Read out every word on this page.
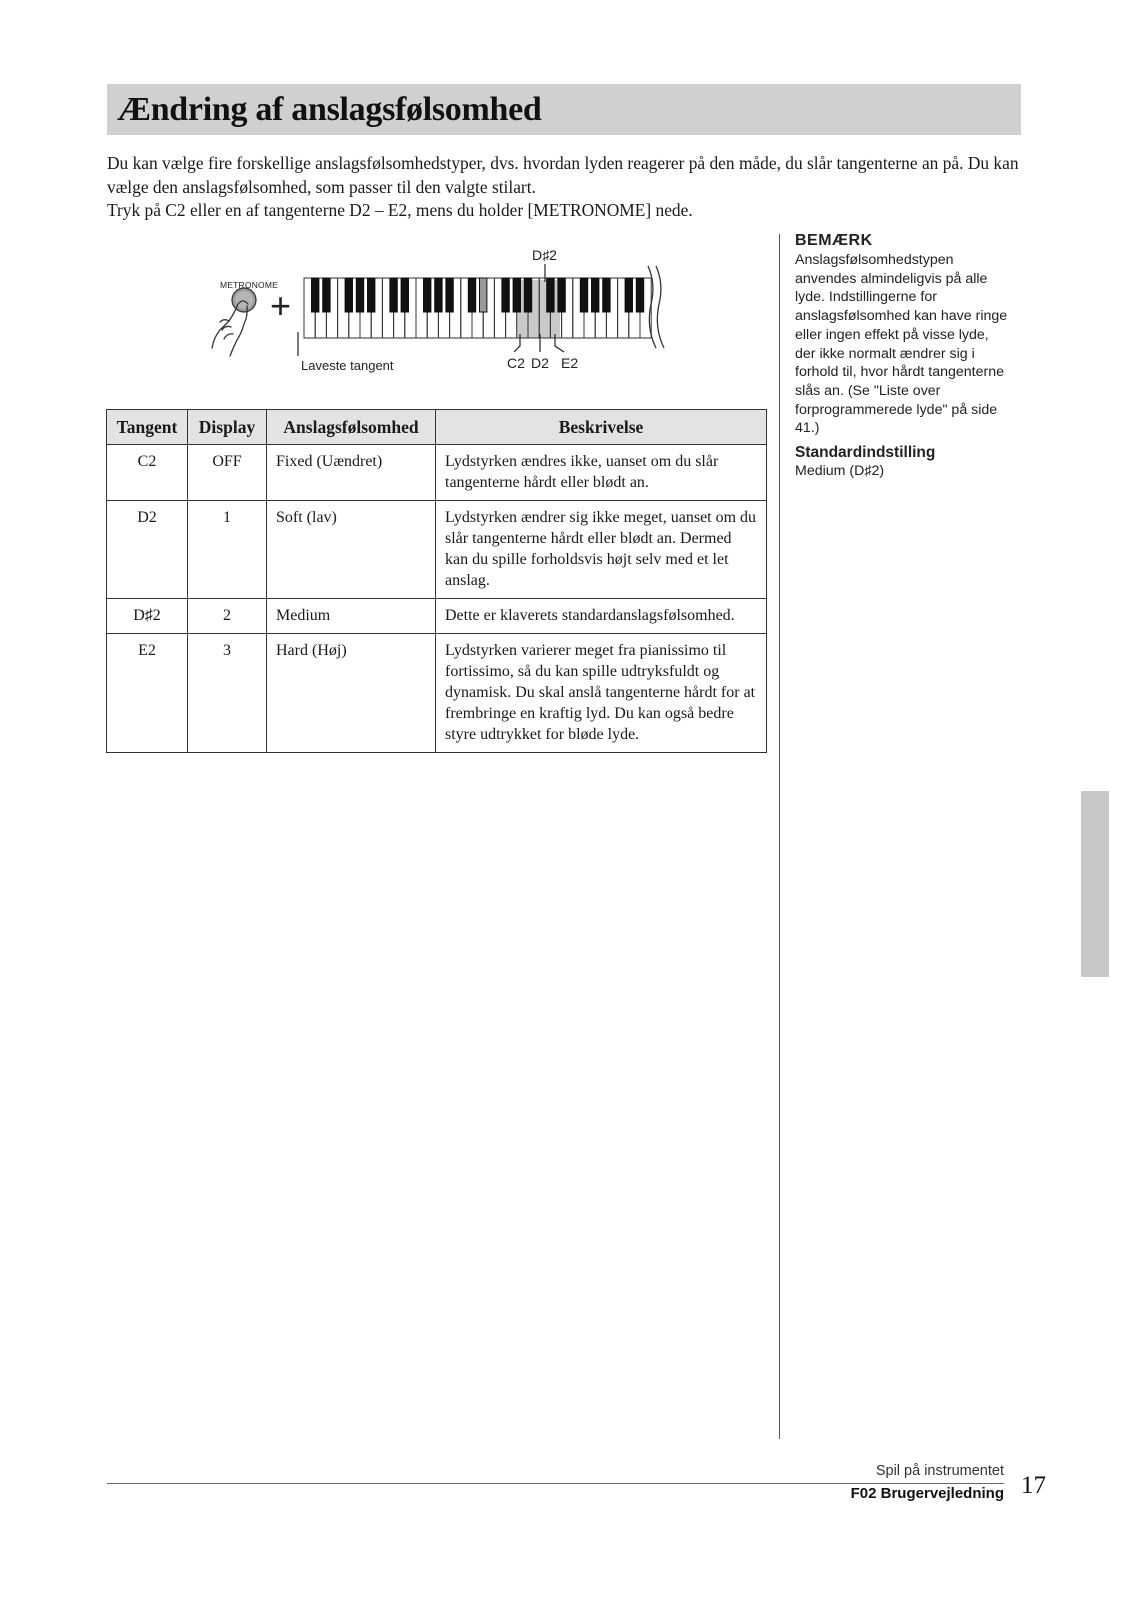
Ændring af anslagsfølsomhed

Du kan vælge fire forskellige anslagsfølsomhedstyper, dvs. hvordan lyden reagerer på den måde, du slår tangenterne an på. Du kan vælge den anslagsfølsomhed, som passer til den valgte stilart.

Tryk på C2 eller en af tangenterne D2 – E2, mens du holder [METRONOME] nede.

METRONOME
+
Laveste tangent
D♯2
C2 D2 E2
Tangent	Display	Anslagsfølsomhed	Beskrivelse
C2	OFF	Fixed (Uændret)	Lydstyrken ændres ikke, uanset om du slår tangenterne hårdt eller blødt an.
D2	1	Soft (lav)	Lydstyrken ændrer sig ikke meget, uanset om du slår tangenterne hårdt eller blødt an. Dermed kan du spille forholdsvis højt selv med et let anslag.
D♯2	2	Medium	Dette er klaverets standardanslagsfølsomhed.
E2	3	Hard (Høj)	Lydstyrken varierer meget fra pianissimo til fortissimo, så du kan spille udtryksfuldt og dynamisk. Du skal anslå tangenterne hårdt for at frembringe en kraftig lyd. Du kan også bedre styre udtrykket for bløde lyde.

BEMÆRK

Anslagsfølsomhedstypen anvendes almindeligvis på alle lyde. Indstillingerne for anslagsfølsomhed kan have ringe eller ingen effekt på visse lyde, der ikke normalt ændrer sig i forhold til, hvor hårdt tangenterne slås an. (Se "Liste over forprogrammerede lyde" på side 41.)

Standardindstilling

Medium (D♯2)

Spil på instrumentet
F02 Brugervejledning 17
